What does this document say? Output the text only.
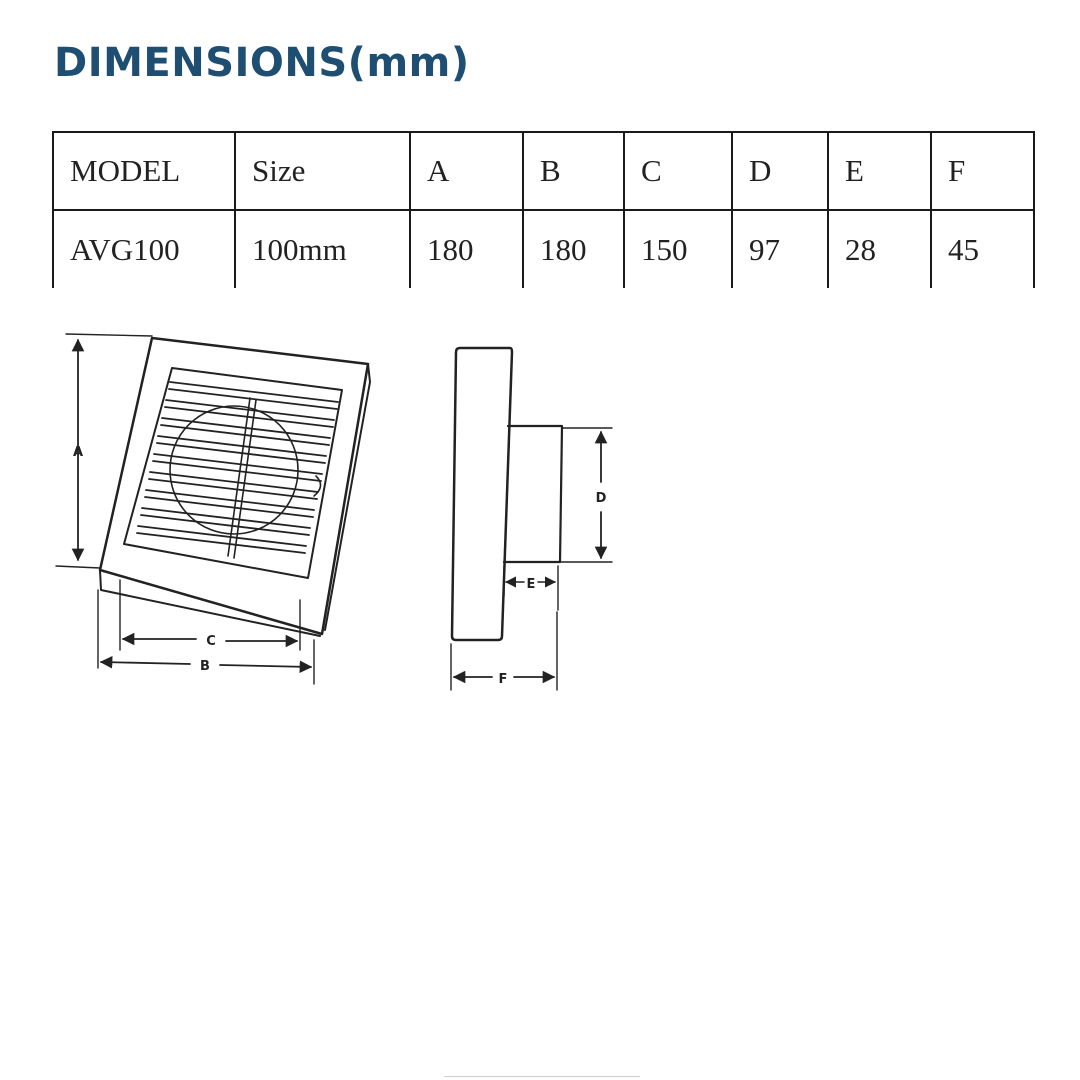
DIMENSIONS(mm)
MODEL	Size	A	B	C	D	E	F
AVG100	100mm	180	180	150	97	28	45
A
C
B
D
E
F
